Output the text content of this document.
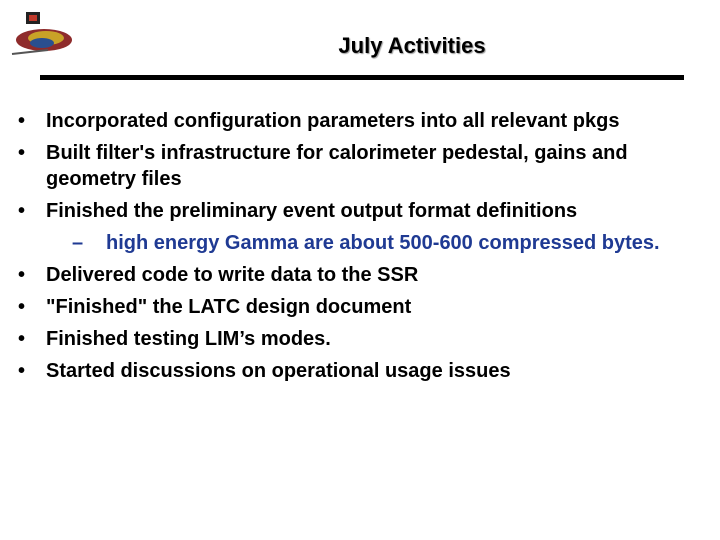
July Activities
•	Incorporated configuration parameters into all relevant pkgs
•	Built filter's infrastructure for calorimeter pedestal, gains and geometry files
•	Finished the preliminary event output format definitions
– high energy Gamma are about 500-600 compressed bytes.
•	Delivered code to write data to the SSR
•	"Finished" the LATC design document
•	Finished testing LIM’s modes.
•	Started discussions on operational usage issues
